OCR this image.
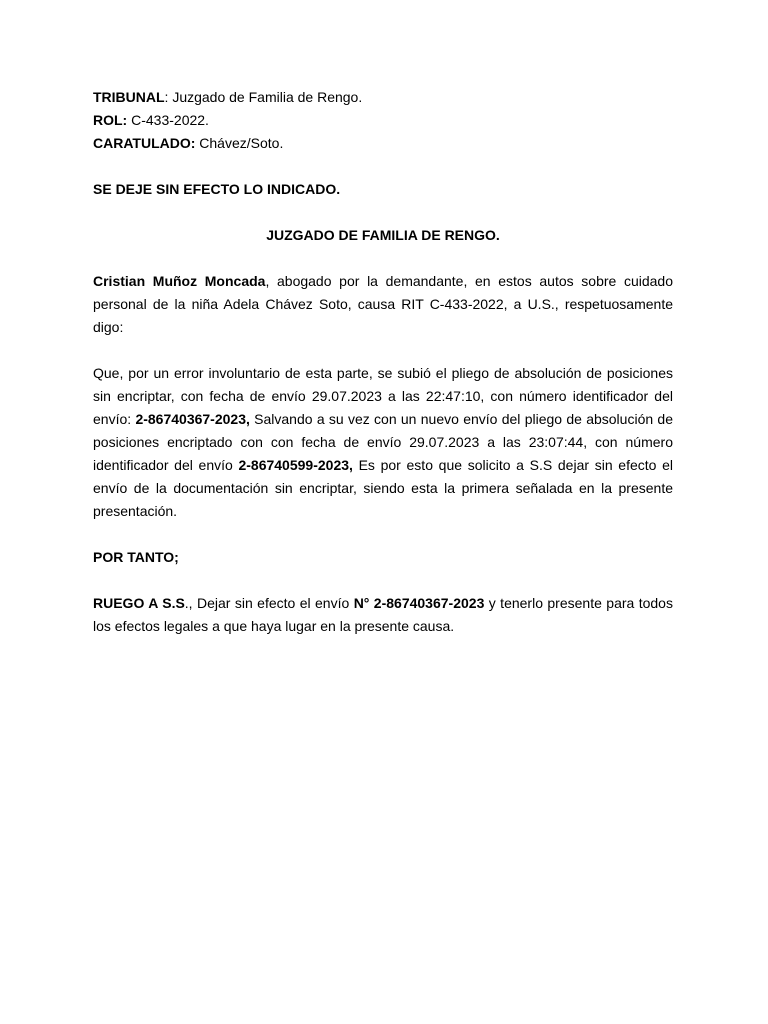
TRIBUNAL: Juzgado de Familia de Rengo.

ROL: C-433-2022.

CARATULADO: Chávez/Soto.

SE DEJE SIN EFECTO LO INDICADO.

JUZGADO DE FAMILIA DE RENGO.

Cristian Muñoz Moncada, abogado por la demandante, en estos autos sobre cuidado personal de la niña Adela Chávez Soto, causa RIT C-433-2022, a U.S., respetuosamente digo:

Que, por un error involuntario de esta parte, se subió el pliego de absolución de posiciones sin encriptar, con fecha de envío 29.07.2023 a las 22:47:10, con número identificador del envío: 2-86740367-2023, Salvando a su vez con un nuevo envío del pliego de absolución de posiciones encriptado con con fecha de envío 29.07.2023 a las 23:07:44, con número identificador del envío 2-86740599-2023, Es por esto que solicito a S.S dejar sin efecto el envío de la documentación sin encriptar, siendo esta la primera señalada en la presente presentación.

POR TANTO;

RUEGO A S.S., Dejar sin efecto el envío N° 2-86740367-2023 y tenerlo presente para todos los efectos legales a que haya lugar en la presente causa.
